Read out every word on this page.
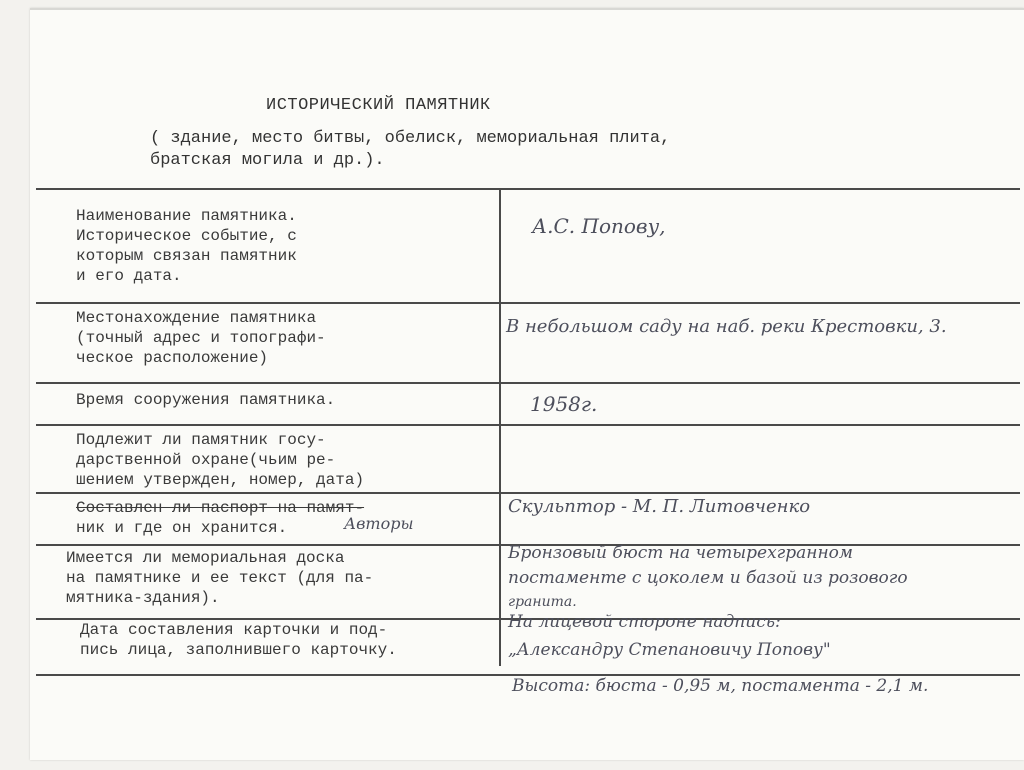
ИСТОРИЧЕСКИЙ ПАМЯТНИК
( здание, место битвы, обелиск, мемориальная плита,
братская могила и др.).
Наименование памятника.
Историческое событие, с
которым связан памятник
и его дата.
А.С. Попову,
Местонахождение памятника
(точный адрес и топографи-
ческое расположение)
В небольшом саду на наб. реки Крестовки, 3.
Время сооружения памятника.	1958г.
Подлежит ли памятник госу-
дарственной охране(чьим ре-
шением утвержден, номер, дата)
Составлен ли паспорт на памят-
ник и где он хранится.	Авторы
Скульптор - М. П. Литовченко
Имеется ли мемориальная доска
на памятнике и ее текст (для па-
мятника-здания).
Бронзовый бюст на четырехгранном
постаменте с цоколем и базой из розового
гранита.
Дата составления карточки и под-
пись лица, заполнившего карточку.
На лицевой стороне надпись:
„Александру Степановичу Попову"
Высота: бюста - 0,95 м, постамента - 2,1 м.
